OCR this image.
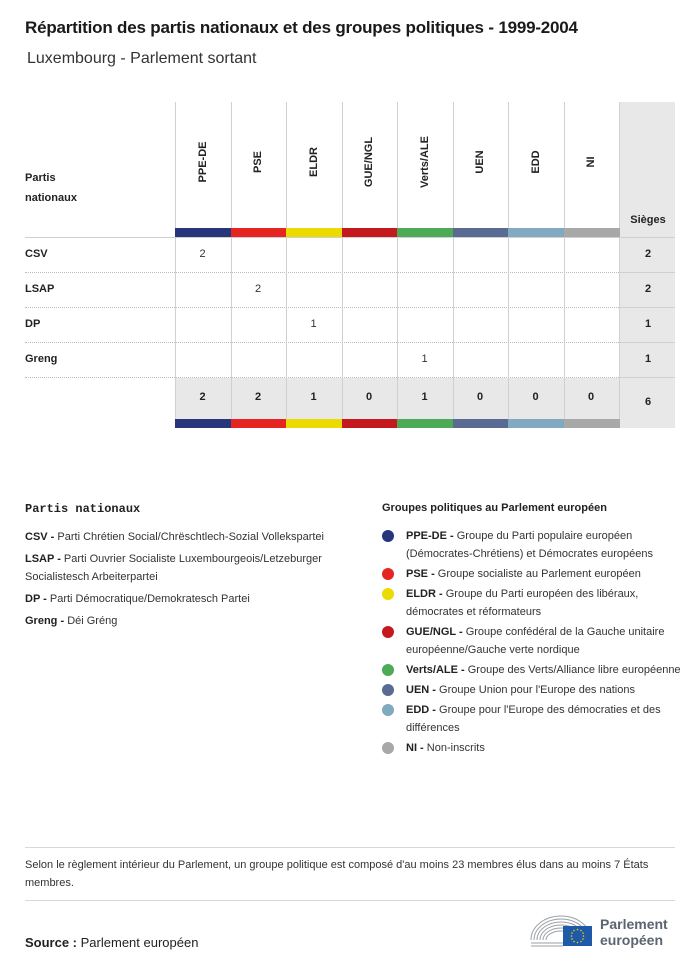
Répartition des partis nationaux et des groupes politiques - 1999-2004
Luxembourg - Parlement sortant
Partis nationaux
Sièges
2
2
1
1
6
PPE-DE
2
2
PSE
2
2
ELDR
1
1
GUE/NGL
0
Verts/ALE
1
1
UEN
0
EDD
0
NI
0
CSV
LSAP
DP
Greng
Partis nationaux
CSV - Parti Chrétien Social/Chrëschtlech-Sozial Vollekspartei
LSAP - Parti Ouvrier Socialiste Luxembourgeois/Letzeburger Socialistesch Arbeiterpartei
DP - Parti Démocratique/Demokratesch Partei
Greng - Déi Gréng
Groupes politiques au Parlement européen
PPE-DE - Groupe du Parti populaire européen (Démocrates-Chrétiens) et Démocrates européens
PSE - Groupe socialiste au Parlement européen
ELDR - Groupe du Parti européen des libéraux, démocrates et réformateurs
GUE/NGL - Groupe confédéral de la Gauche unitaire européenne/Gauche verte nordique
Verts/ALE - Groupe des Verts/Alliance libre européenne
UEN - Groupe Union pour l'Europe des nations
EDD - Groupe pour l'Europe des démocraties et des différences
NI - Non-inscrits
Selon le règlement intérieur du Parlement, un groupe politique est composé d'au moins 23 membres élus dans au moins 7 États membres.
Source : Parlement européen
Parlement
européen
